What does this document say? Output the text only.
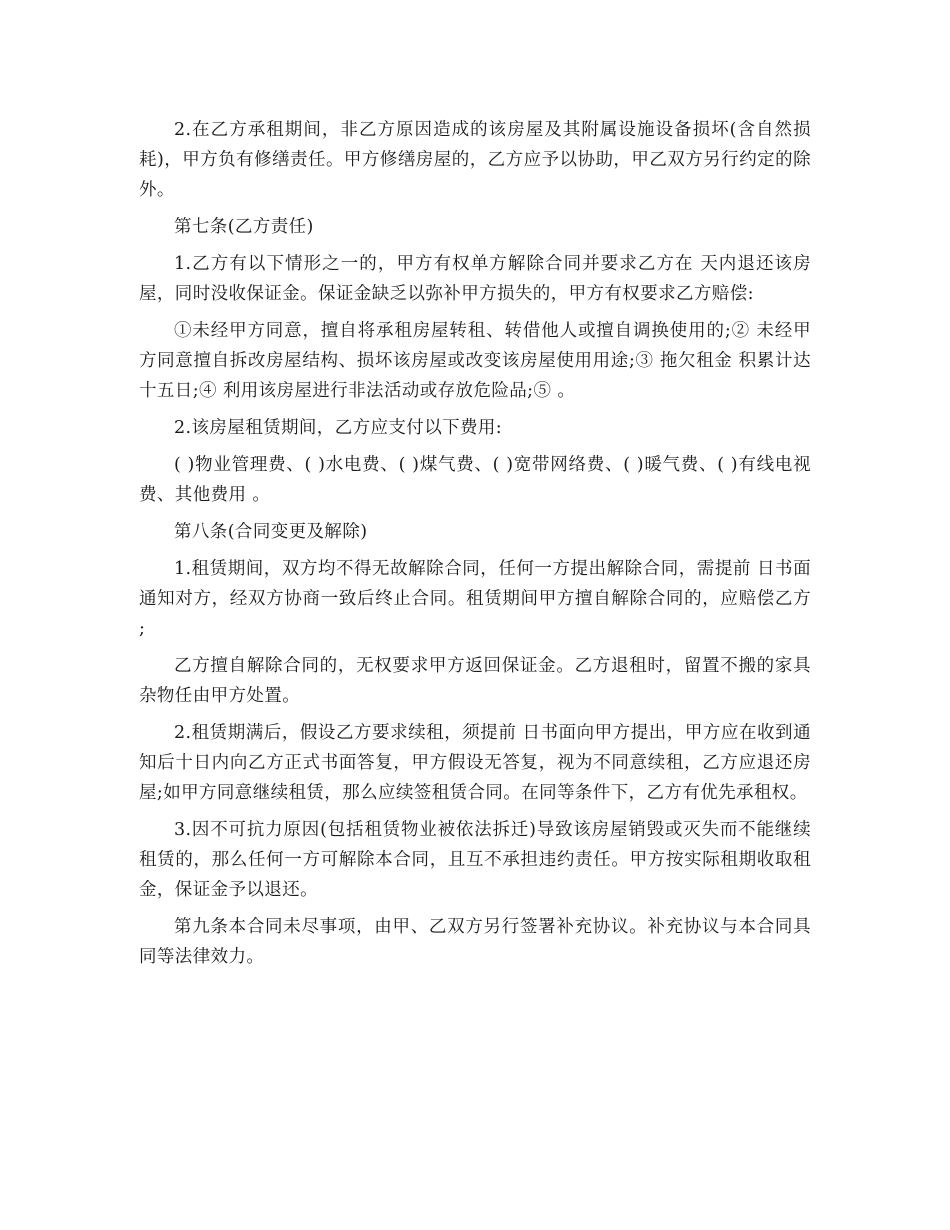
2.在乙方承租期间，非乙方原因造成的该房屋及其附属设施设备损坏(含自然损耗)，甲方负有修缮责任。甲方修缮房屋的，乙方应予以协助，甲乙双方另行约定的除外。

第七条(乙方责任)

1.乙方有以下情形之一的，甲方有权单方解除合同并要求乙方在 天内退还该房屋，同时没收保证金。保证金缺乏以弥补甲方损失的，甲方有权要求乙方赔偿:

①未经甲方同意，擅自将承租房屋转租、转借他人或擅自调换使用的;② 未经甲方同意擅自拆改房屋结构、损坏该房屋或改变该房屋使用用途;③ 拖欠租金 积累计达十五日;④ 利用该房屋进行非法活动或存放危险品;⑤ 。

2.该房屋租赁期间，乙方应支付以下费用:

( )物业管理费、( )水电费、( )煤气费、( )宽带网络费、( )暖气费、( )有线电视费、其他费用 。

第八条(合同变更及解除)

1.租赁期间，双方均不得无故解除合同，任何一方提出解除合同，需提前 日书面通知对方，经双方协商一致后终止合同。租赁期间甲方擅自解除合同的，应赔偿乙方 ;

乙方擅自解除合同的，无权要求甲方返回保证金。乙方退租时，留置不搬的家具杂物任由甲方处置。

2.租赁期满后，假设乙方要求续租，须提前 日书面向甲方提出，甲方应在收到通知后十日内向乙方正式书面答复，甲方假设无答复，视为不同意续租，乙方应退还房屋;如甲方同意继续租赁，那么应续签租赁合同。在同等条件下，乙方有优先承租权。

3.因不可抗力原因(包括租赁物业被依法拆迁)导致该房屋销毁或灭失而不能继续租赁的，那么任何一方可解除本合同，且互不承担违约责任。甲方按实际租期收取租金，保证金予以退还。

第九条本合同未尽事项，由甲、乙双方另行签署补充协议。补充协议与本合同具同等法律效力。
